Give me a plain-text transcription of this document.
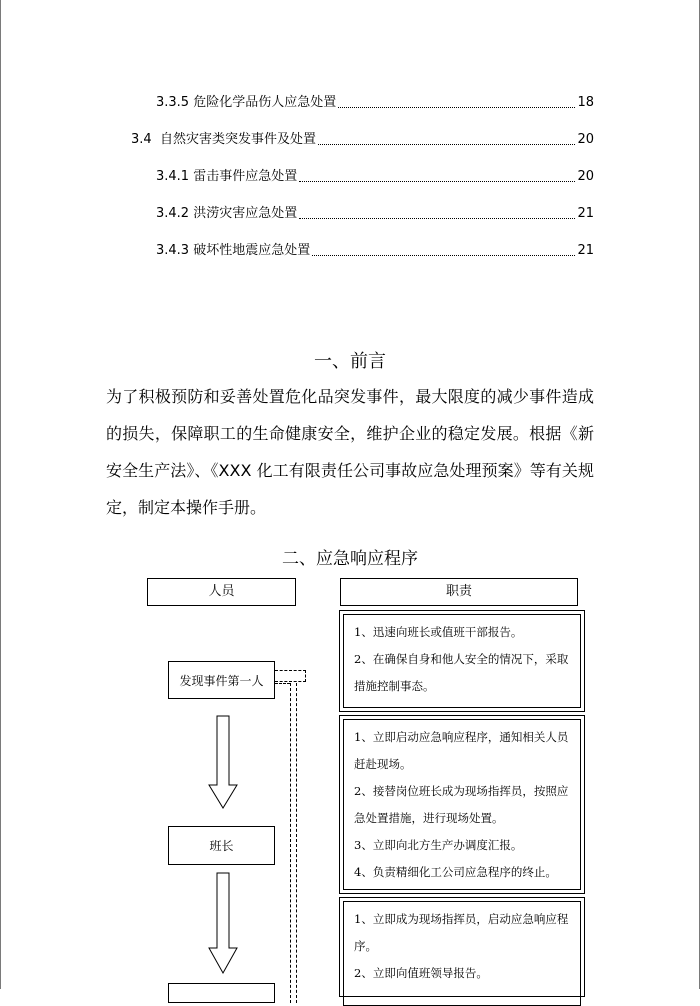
3.3.5 危险化学品伤人应急处置	18
3.4 自然灾害类突发事件及处置	20
3.4.1 雷击事件应急处置	20
3.4.2 洪涝灾害应急处置	21
3.4.3 破坏性地震应急处置	21
一、前言
为了积极预防和妥善处置危化品突发事件，最大限度的减少事件造成的损失，保障职工的生命健康安全，维护企业的稳定发展。根据《新安全生产法》、《XXX 化工有限责任公司事故应急处理预案》等有关规定，制定本操作手册。
二、应急响应程序
人员	职责

1、迅速向班长或值班干部报告。

2、在确保自身和他人安全的情况下，采取措施控制事态。

1、立即启动应急响应程序，通知相关人员赶赴现场。

2、接替岗位班长成为现场指挥员，按照应急处置措施，进行现场处置。

3、立即向北方生产办调度汇报。

4、负责精细化工公司应急程序的终止。

1、立即成为现场指挥员，启动应急响应程序。

2、立即向值班领导报告。

发现事件第一人
班长
